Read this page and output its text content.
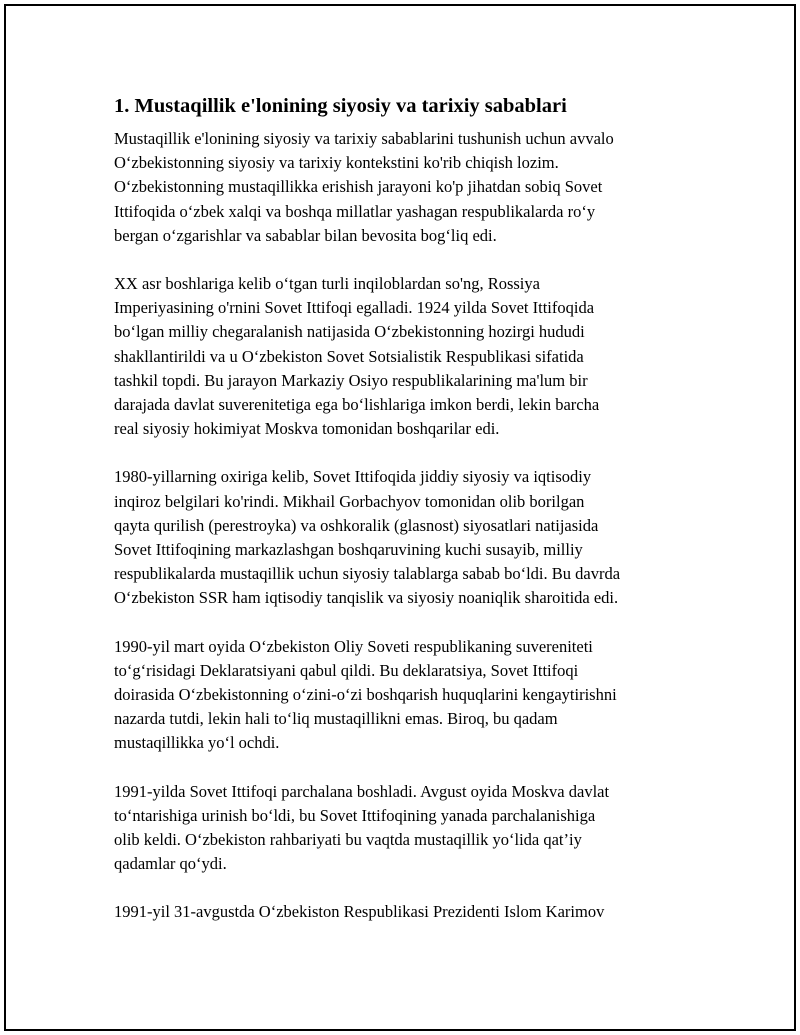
1. Mustaqillik e'lonining siyosiy va tarixiy sabablari
Mustaqillik e'lonining siyosiy va tarixiy sabablarini tushunish uchun avvalo
O‘zbekistonning siyosiy va tarixiy kontekstini ko'rib chiqish lozim.
O‘zbekistonning mustaqillikka erishish jarayoni ko'p jihatdan sobiq Sovet
Ittifoqida o‘zbek xalqi va boshqa millatlar yashagan respublikalarda ro‘y
bergan o‘zgarishlar va sabablar bilan bevosita bog‘liq edi.
XX asr boshlariga kelib o‘tgan turli inqiloblardan so'ng, Rossiya
Imperiyasining o'rnini Sovet Ittifoqi egalladi. 1924 yilda Sovet Ittifoqida
bo‘lgan milliy chegaralanish natijasida O‘zbekistonning hozirgi hududi
shakllantirildi va u O‘zbekiston Sovet Sotsialistik Respublikasi sifatida
tashkil topdi. Bu jarayon Markaziy Osiyo respublikalarining ma'lum bir
darajada davlat suverenitetiga ega bo‘lishlariga imkon berdi, lekin barcha
real siyosiy hokimiyat Moskva tomonidan boshqarilar edi.
1980-yillarning oxiriga kelib, Sovet Ittifoqida jiddiy siyosiy va iqtisodiy
inqiroz belgilari ko'rindi. Mikhail Gorbachyov tomonidan olib borilgan
qayta qurilish (perestroyka) va oshkoralik (glasnost) siyosatlari natijasida
Sovet Ittifoqining markazlashgan boshqaruvining kuchi susayib, milliy
respublikalarda mustaqillik uchun siyosiy talablarga sabab bo‘ldi. Bu davrda
O‘zbekiston SSR ham iqtisodiy tanqislik va siyosiy noaniqlik sharoitida edi.
1990-yil mart oyida O‘zbekiston Oliy Soveti respublikaning suvereniteti
to‘g‘risidagi Deklaratsiyani qabul qildi. Bu deklaratsiya, Sovet Ittifoqi
doirasida O‘zbekistonning o‘zini-o‘zi boshqarish huquqlarini kengaytirishni
nazarda tutdi, lekin hali to‘liq mustaqillikni emas. Biroq, bu qadam
mustaqillikka yo‘l ochdi.
1991-yilda Sovet Ittifoqi parchalana boshladi. Avgust oyida Moskva davlat
to‘ntarishiga urinish bo‘ldi, bu Sovet Ittifoqining yanada parchalanishiga
olib keldi. O‘zbekiston rahbariyati bu vaqtda mustaqillik yo‘lida qat’iy
qadamlar qo‘ydi.
1991-yil 31-avgustda O‘zbekiston Respublikasi Prezidenti Islom Karimov
